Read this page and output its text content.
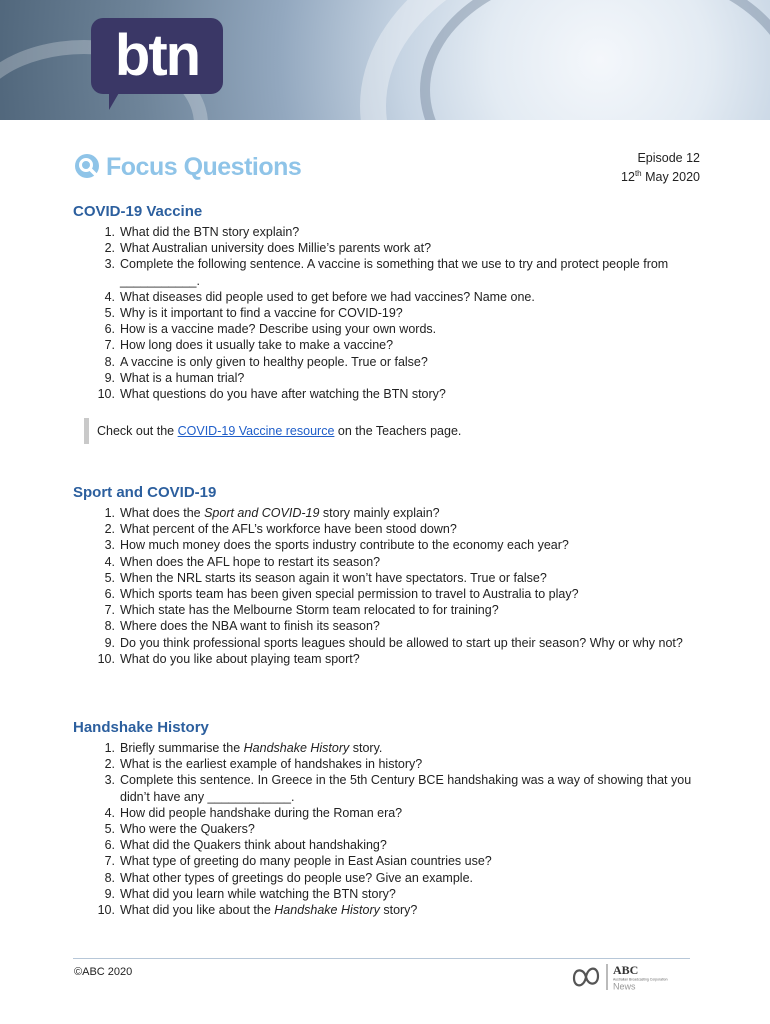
btn
Focus Questions	Episode 12
12th May 2020
COVID-19 Vaccine
1. What did the BTN story explain?
2. What Australian university does Millie’s parents work at?
3. Complete the following sentence. A vaccine is something that we use to try and protect people from ___________.
4. What diseases did people used to get before we had vaccines? Name one.
5. Why is it important to find a vaccine for COVID-19?
6. How is a vaccine made? Describe using your own words.
7. How long does it usually take to make a vaccine?
8. A vaccine is only given to healthy people. True or false?
9. What is a human trial?
10. What questions do you have after watching the BTN story?
Check out the
COVID-19 Vaccine resource
on the Teachers page.
Sport and COVID-19
1. What does the Sport and COVID-19 story mainly explain?
2. What percent of the AFL’s workforce have been stood down?
3. How much money does the sports industry contribute to the economy each year?
4. When does the AFL hope to restart its season?
5. When the NRL starts its season again it won’t have spectators. True or false?
6. Which sports team has been given special permission to travel to Australia to play?
7. Which state has the Melbourne Storm team relocated to for training?
8. Where does the NBA want to finish its season?
9. Do you think professional sports leagues should be allowed to start up their season? Why or why not?
10. What do you like about playing team sport?
Handshake History
1. Briefly summarise the Handshake History story.
2. What is the earliest example of handshakes in history?
3. Complete this sentence. In Greece in the 5th Century BCE handshaking was a way of showing that you didn’t have any ____________.
4. How did people handshake during the Roman era?
5. Who were the Quakers?
6. What did the Quakers think about handshaking?
7. What type of greeting do many people in East Asian countries use?
8. What other types of greetings do people use? Give an example.
9. What did you learn while watching the BTN story?
10. What did you like about the Handshake History story?
©ABC 2020	ABC
Australian Broadcasting Corporation
News
